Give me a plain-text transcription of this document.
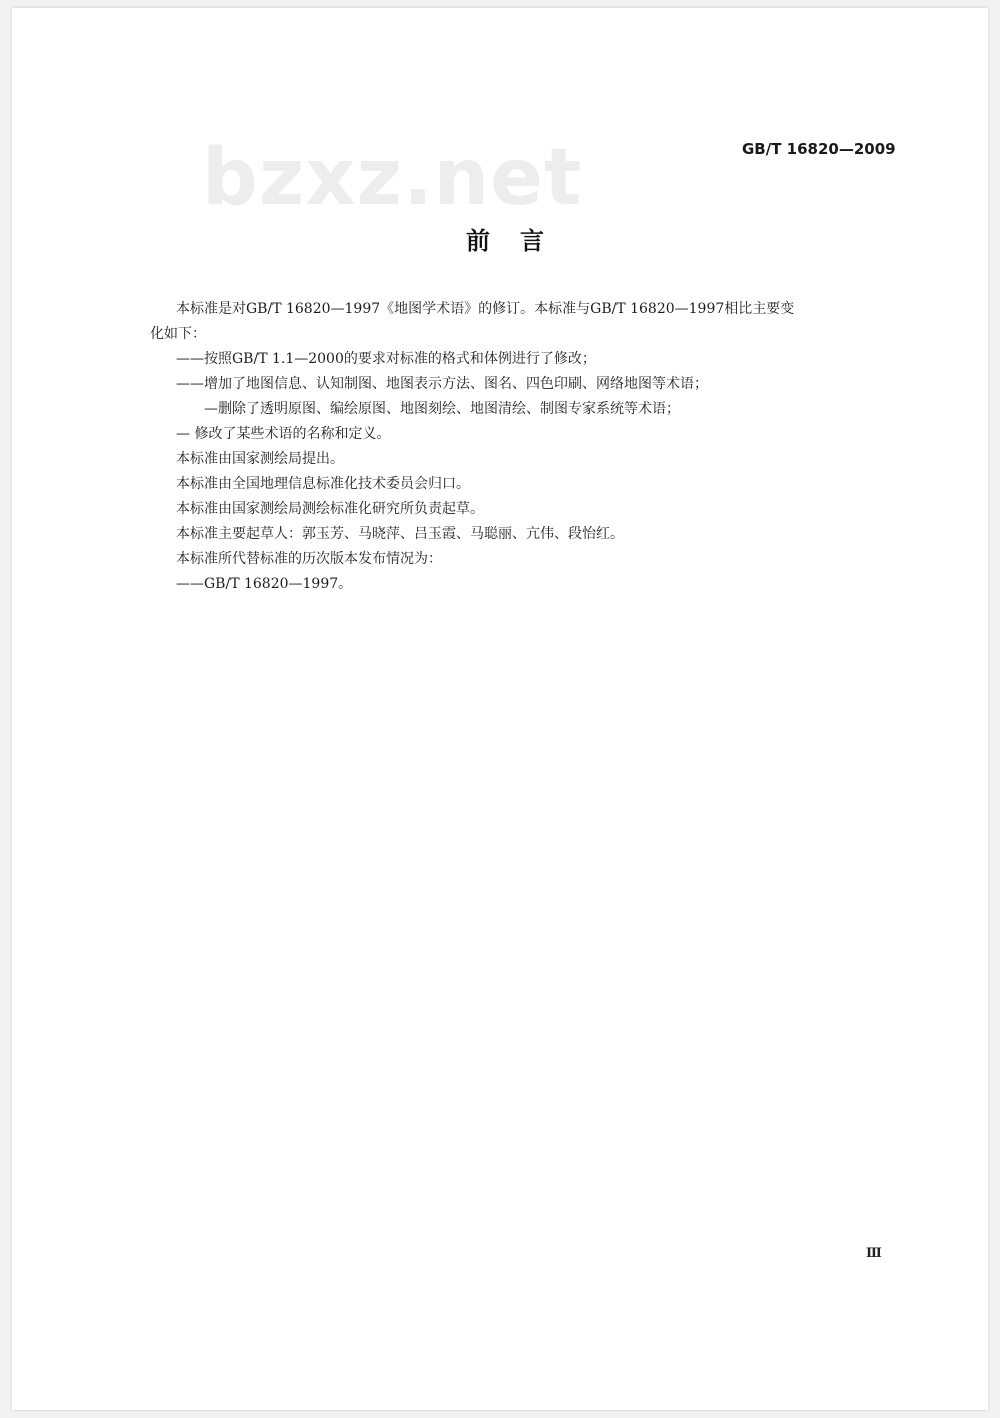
bzxz.net	GB/T 16820—2009
前言
本标准是对GB/T 16820—1997《地图学术语》的修订。本标准与GB/T 16820—1997相比主要变
化如下：
——按照GB/T 1.1—2000的要求对标准的格式和体例进行了修改；
——增加了地图信息、认知制图、地图表示方法、图名、四色印刷、网络地图等术语；
—删除了透明原图、编绘原图、地图刻绘、地图清绘、制图专家系统等术语；
— 修改了某些术语的名称和定义。
本标准由国家测绘局提出。
本标准由全国地理信息标准化技术委员会归口。
本标准由国家测绘局测绘标准化研究所负责起草。
本标准主要起草人：郭玉芳、马晓萍、吕玉霞、马聪丽、亢伟、段怡红。
本标准所代替标准的历次版本发布情况为：
——GB/T 16820—1997。
Ⅲ
